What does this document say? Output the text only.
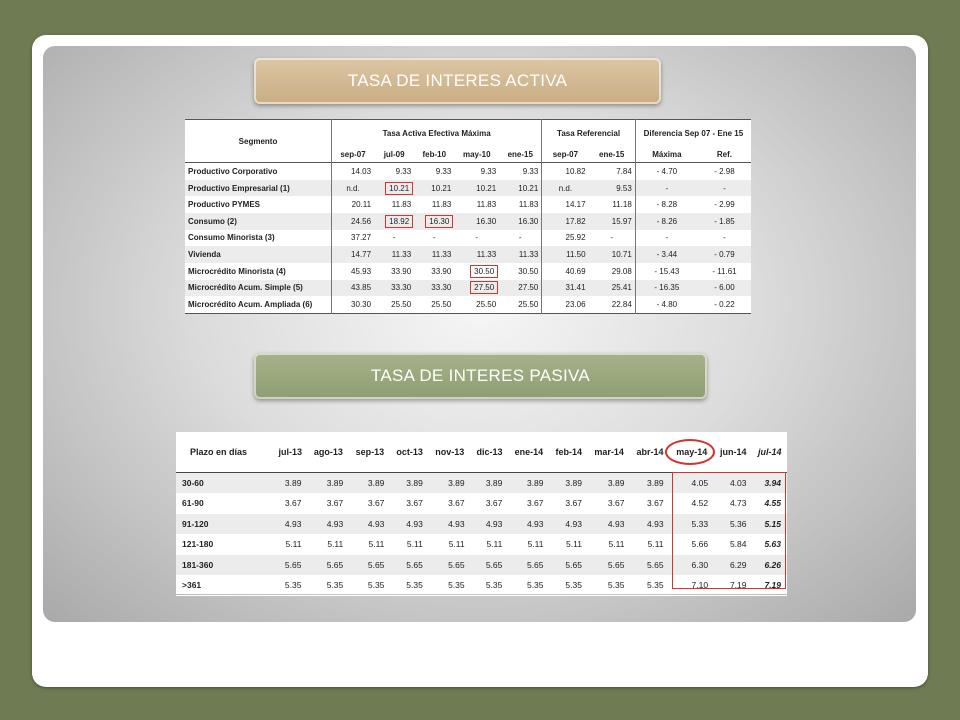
TASA DE INTERES ACTIVA
Segmento	Tasa Activa Efectiva Máxima					Tasa Referencial		Diferencia Sep 07 - Ene 15	
	sep-07	jul-09	feb-10	may-10	ene-15	sep-07	ene-15	Máxima	Ref.
Productivo Corporativo	14.03	9.33	9.33	9.33	9.33	10.82	7.84	- 4.70	- 2.98
Productivo Empresarial (1)	n.d.	10.21	10.21	10.21	10.21	n.d.	9.53	-	-
Productivo PYMES	20.11	11.83	11.83	11.83	11.83	14.17	11.18	- 8.28	- 2.99
Consumo (2)	24.56	18.92	16.30	16.30	16.30	17.82	15.97	- 8.26	- 1.85
Consumo Minorista (3)	37.27	-	-	-	-	25.92	-	-	-
Vivienda	14.77	11.33	11.33	11.33	11.33	11.50	10.71	- 3.44	- 0.79
Microcrédito Minorista (4)	45.93	33.90	33.90	30.50	30.50	40.69	29.08	- 15.43	- 11.61
Microcrédito Acum. Simple (5)	43.85	33.30	33.30	27.50	27.50	31.41	25.41	- 16.35	- 6.00
Microcrédito Acum. Ampliada (6)	30.30	25.50	25.50	25.50	25.50	23.06	22.84	- 4.80	- 0.22
TASA DE INTERES PASIVA
Plazo en días	jul-13	ago-13	sep-13	oct-13	nov-13	dic-13	ene-14	feb-14	mar-14	abr-14	may-14	jun-14	jul-14
30-60	3.89	3.89	3.89	3.89	3.89	3.89	3.89	3.89	3.89	3.89	4.05	4.03	3.94
61-90	3.67	3.67	3.67	3.67	3.67	3.67	3.67	3.67	3.67	3.67	4.52	4.73	4.55
91-120	4.93	4.93	4.93	4.93	4.93	4.93	4.93	4.93	4.93	4.93	5.33	5.36	5.15
121-180	5.11	5.11	5.11	5.11	5.11	5.11	5.11	5.11	5.11	5.11	5.66	5.84	5.63
181-360	5.65	5.65	5.65	5.65	5.65	5.65	5.65	5.65	5.65	5.65	6.30	6.29	6.26
>361	5.35	5.35	5.35	5.35	5.35	5.35	5.35	5.35	5.35	5.35	7.10	7.19	7.19
